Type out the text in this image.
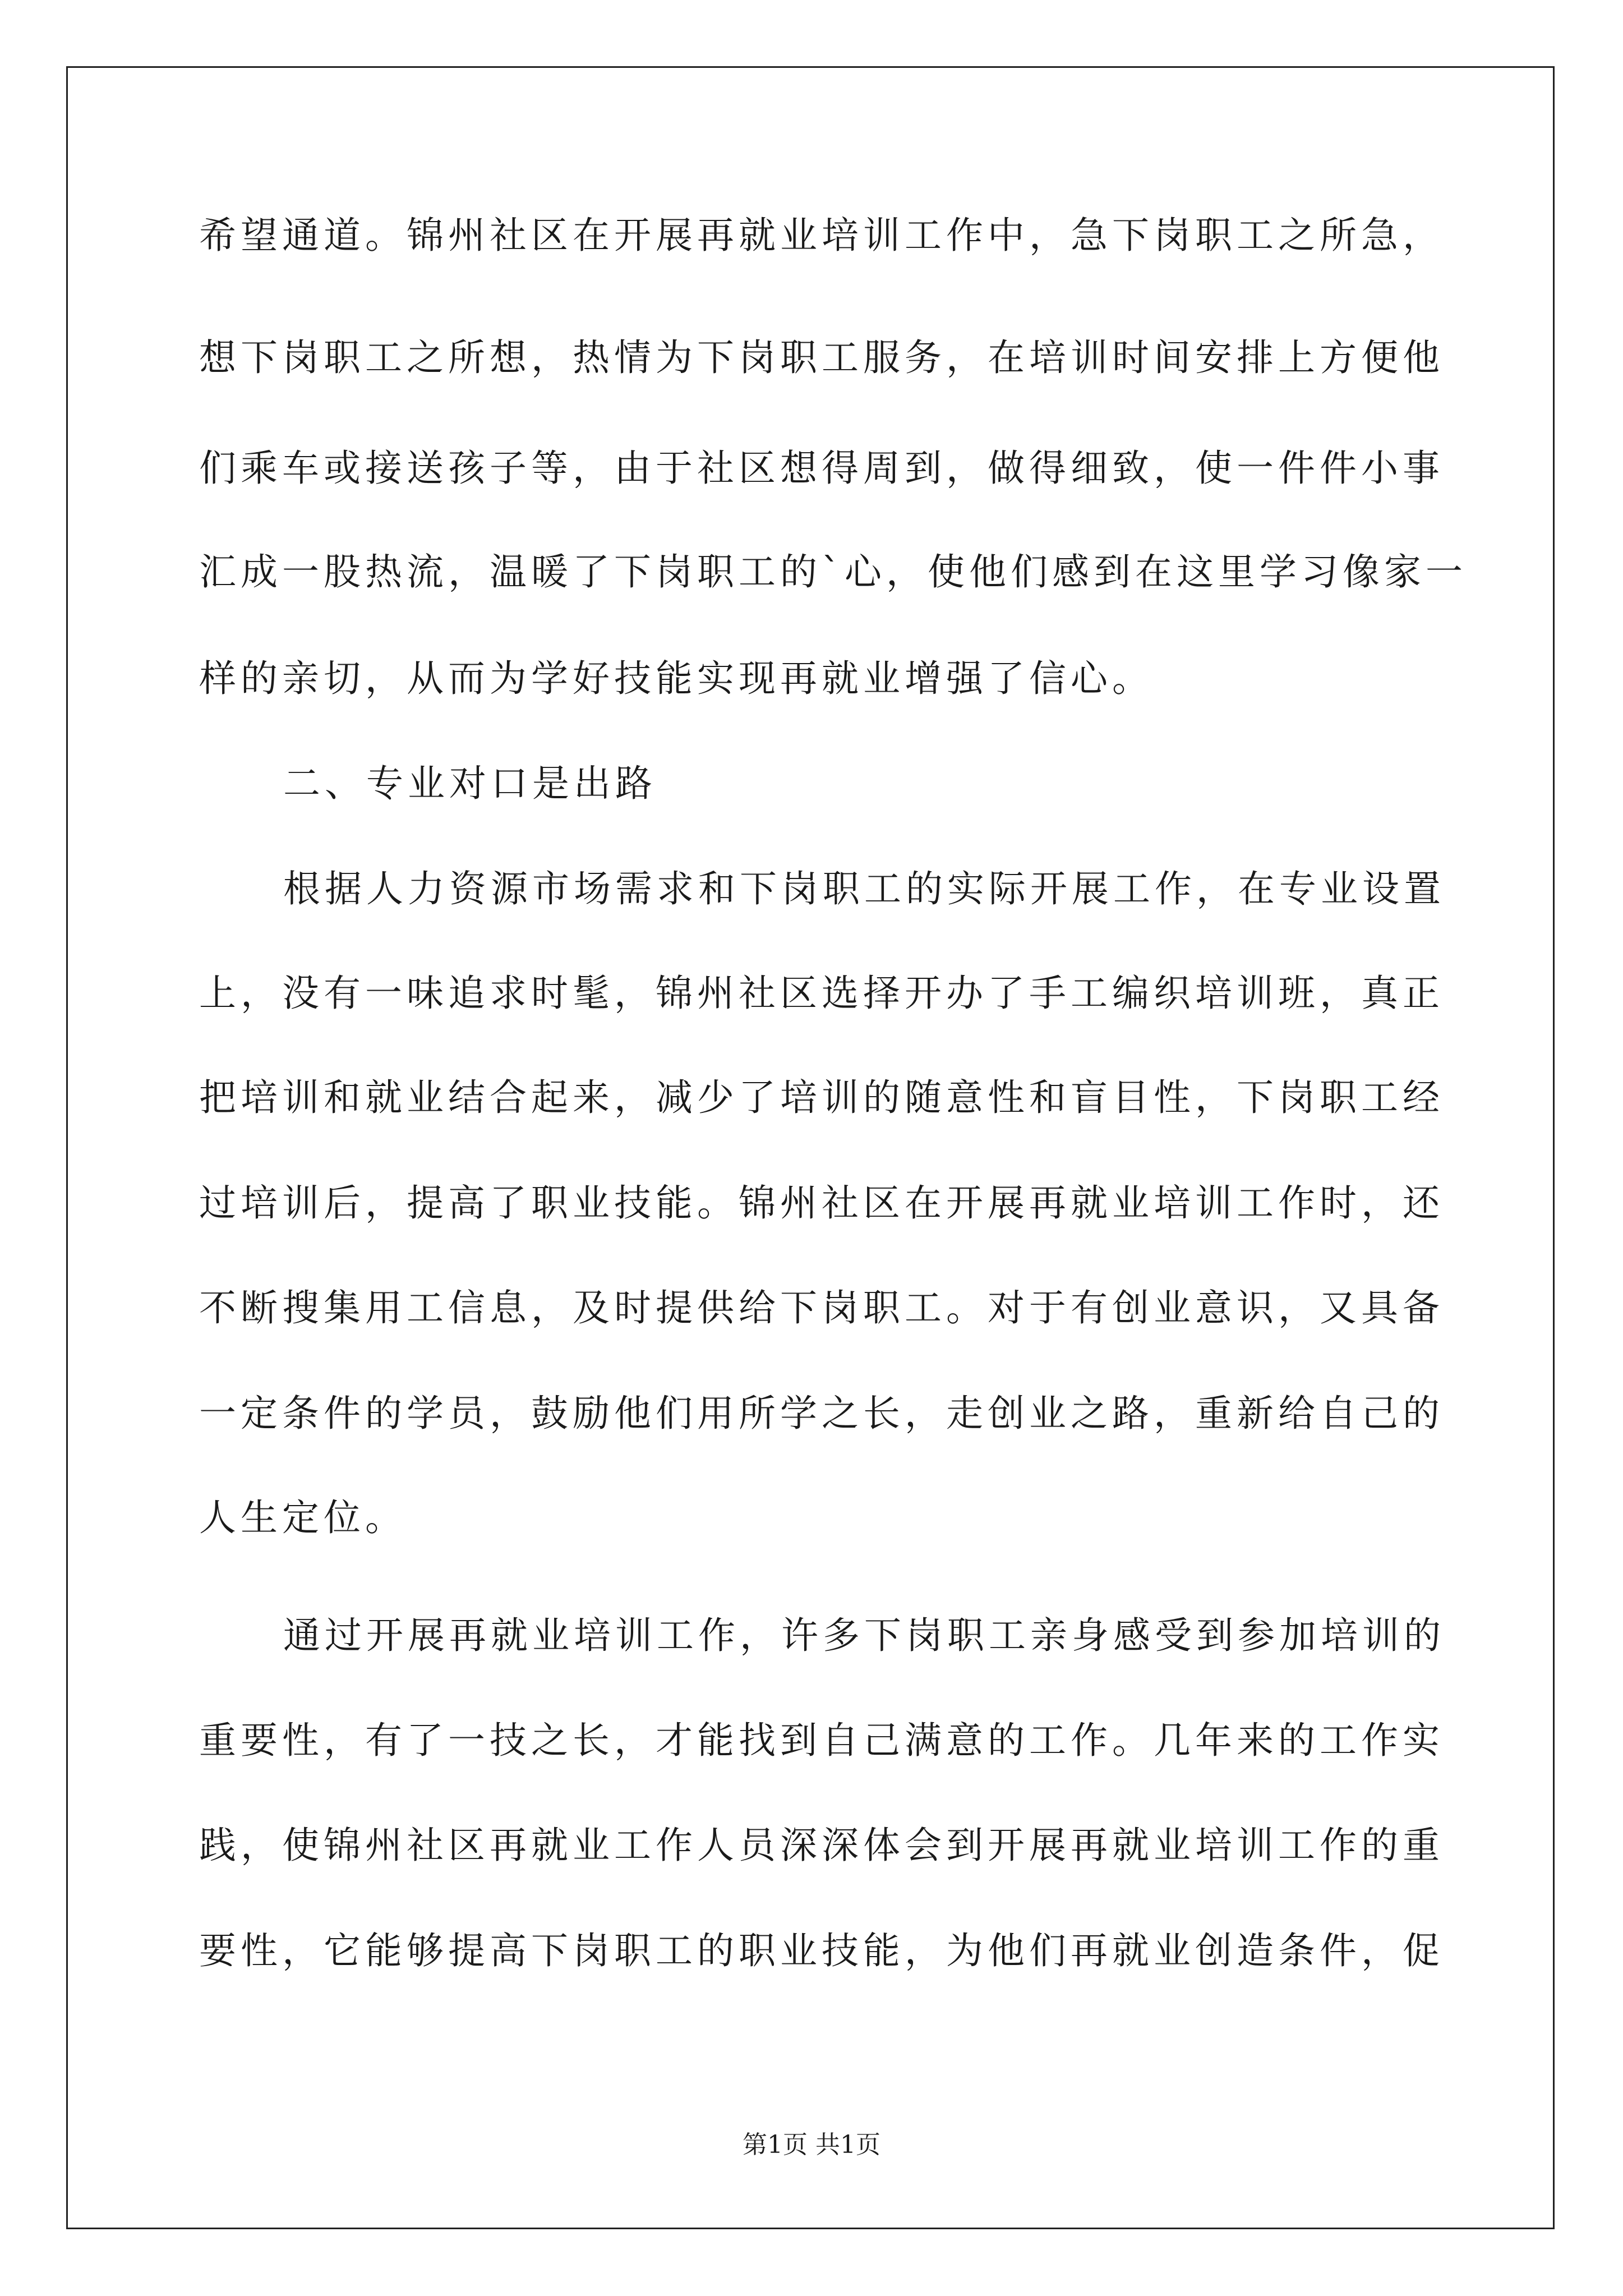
希望通道。锦州社区在开展再就业培训工作中，急下岗职工之所急，
想下岗职工之所想，热情为下岗职工服务，在培训时间安排上方便他
们乘车或接送孩子等，由于社区想得周到，做得细致，使一件件小事
汇成一股热流，温暖了下岗职工的`心，使他们感到在这里学习像家一
样的亲切，从而为学好技能实现再就业增强了信心。
二、专业对口是出路
根据人力资源市场需求和下岗职工的实际开展工作，在专业设置
上，没有一味追求时髦，锦州社区选择开办了手工编织培训班，真正
把培训和就业结合起来，减少了培训的随意性和盲目性，下岗职工经
过培训后，提高了职业技能。锦州社区在开展再就业培训工作时，还
不断搜集用工信息，及时提供给下岗职工。对于有创业意识，又具备
一定条件的学员，鼓励他们用所学之长，走创业之路，重新给自己的
人生定位。
通过开展再就业培训工作，许多下岗职工亲身感受到参加培训的
重要性，有了一技之长，才能找到自己满意的工作。几年来的工作实
践，使锦州社区再就业工作人员深深体会到开展再就业培训工作的重
要性，它能够提高下岗职工的职业技能，为他们再就业创造条件，促
第1页 共1页
